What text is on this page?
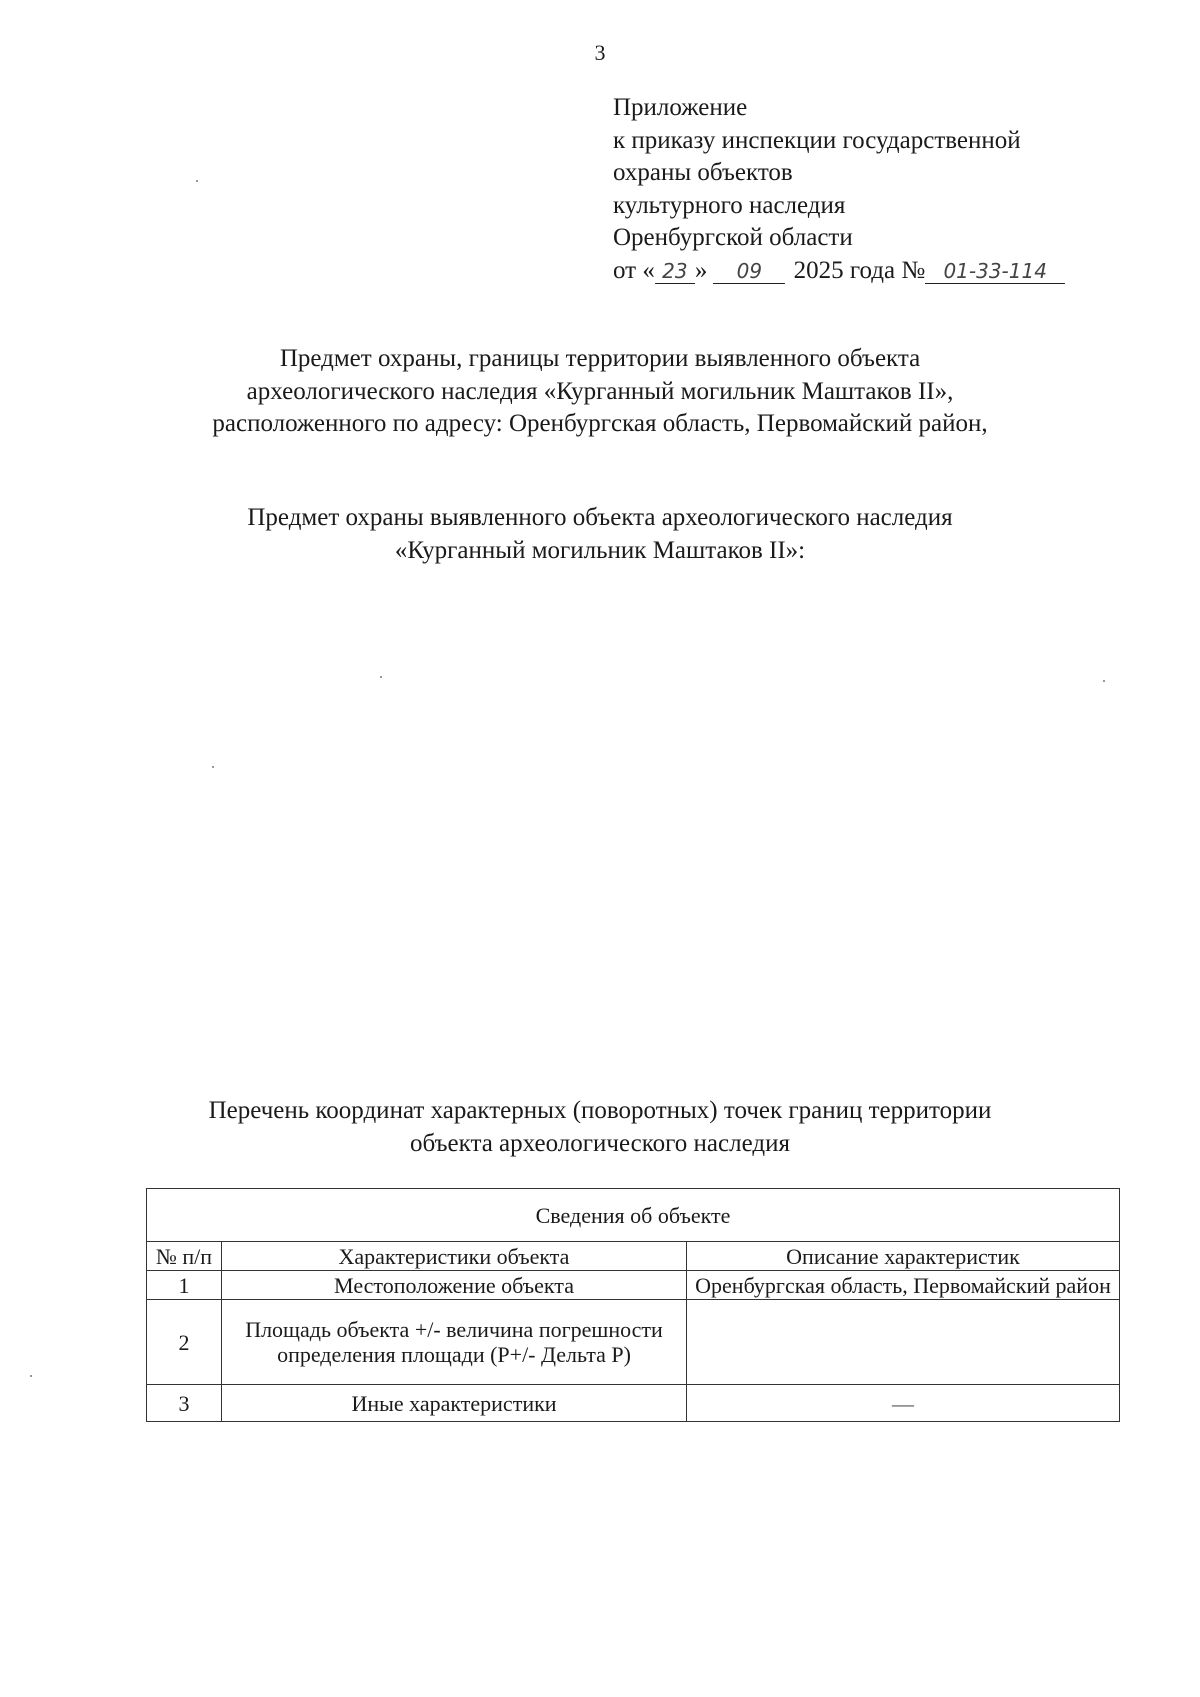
3
Приложение
к приказу инспекции государственной
охраны объектов
культурного наследия
Оренбургской области
от « 23 » 09 2025 года № 01-33-114
Предмет охраны, границы территории выявленного объекта
археологического наследия «Курганный могильник Маштаков II»,
расположенного по адресу: Оренбургская область, Первомайский район,
Предмет охраны выявленного объекта археологического наследия
«Курганный могильник Маштаков II»:
Перечень координат характерных (поворотных) точек границ территории
объекта археологического наследия
Сведения об объекте		
№ п/п	Характеристики объекта	Описание характеристик
1	Местоположение объекта	Оренбургская область, Первомайский район
2	Площадь объекта +/- величина погрешности определения площади (Р+/- Дельта Р)	
3	Иные характеристики	—
